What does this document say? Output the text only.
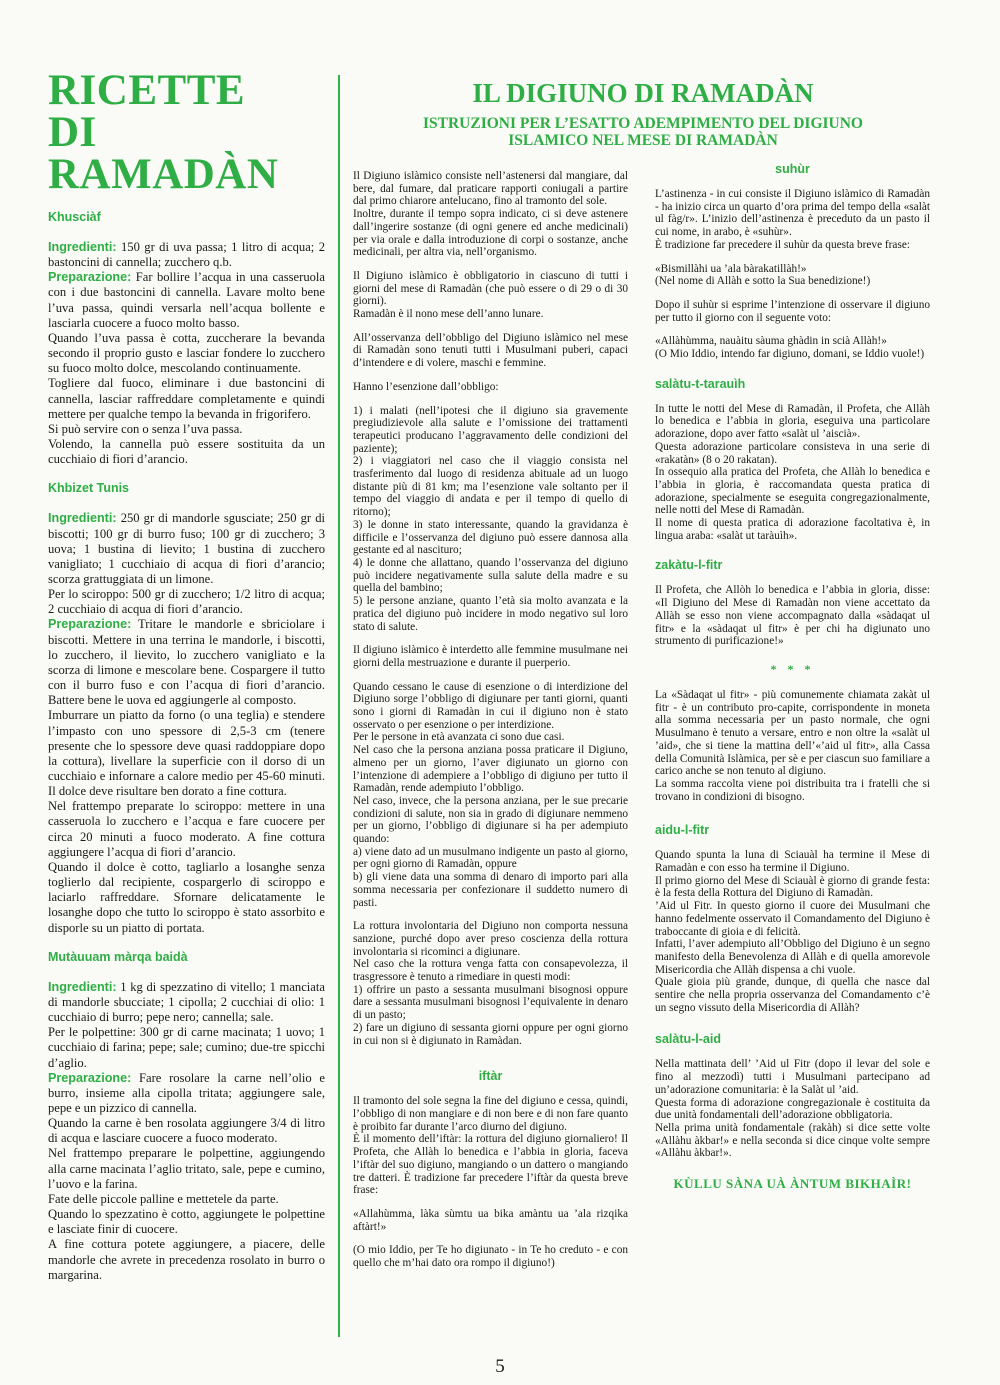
RICETTE
DI RAMADÀN
Khusciàf

Ingredienti: 150 gr di uva passa; 1 litro di acqua; 2 bastoncini di cannella; zucchero q.b.

Preparazione: Far bollire l’acqua in una casseruola con i due bastoncini di cannella. Lavare molto bene l’uva passa, quindi versarla nell’acqua bollente e lasciarla cuocere a fuoco molto basso.

Quando l’uva passa è cotta, zuccherare la bevanda secondo il proprio gusto e lasciar fondere lo zucchero su fuoco molto dolce, mescolando continuamente.

Togliere dal fuoco, eliminare i due bastoncini di cannella, lasciar raffreddare completamente e quindi mettere per qualche tempo la bevanda in frigorifero.

Si può servire con o senza l’uva passa.

Volendo, la cannella può essere sostituita da un cucchiaio di fiori d’arancio.

Khbizet Tunis

Ingredienti: 250 gr di mandorle sgusciate; 250 gr di biscotti; 100 gr di burro fuso; 100 gr di zucchero; 3 uova; 1 bustina di lievito; 1 bustina di zucchero vanigliato; 1 cucchiaio di acqua di fiori d’arancio; scorza grattuggiata di un limone.

Per lo sciroppo: 500 gr di zucchero; 1/2 litro di acqua; 2 cucchiaio di acqua di fiori d’arancio.

Preparazione: Tritare le mandorle e sbriciolare i biscotti. Mettere in una terrina le mandorle, i biscotti, lo zucchero, il lievito, lo zucchero vanigliato e la scorza di limone e mescolare bene. Cospargere il tutto con il burro fuso e con l’acqua di fiori d’arancio. Battere bene le uova ed aggiungerle al composto.

Imburrare un piatto da forno (o una teglia) e stendere l’impasto con uno spessore di 2,5-3 cm (tenere presente che lo spessore deve quasi raddoppiare dopo la cottura), livellare la superficie con il dorso di un cucchiaio e infornare a calore medio per 45-60 minuti. Il dolce deve risultare ben dorato a fine cottura.

Nel frattempo preparate lo sciroppo: mettere in una casseruola lo zucchero e l’acqua e fare cuocere per circa 20 minuti a fuoco moderato. A fine cottura aggiungere l’acqua di fiori d’arancio.

Quando il dolce è cotto, tagliarlo a losanghe senza toglierlo dal recipiente, cospargerlo di sciroppo e laciarlo raffreddare. Sfornare delicatamente le losanghe dopo che tutto lo sciroppo è stato assorbito e disporle su un piatto di portata.

Mutàuuam màrqa baidà

Ingredienti: 1 kg di spezzatino di vitello; 1 manciata di mandorle sbucciate; 1 cipolla; 2 cucchiai di olio: 1 cucchiaio di burro; pepe nero; cannella; sale.

Per le polpettine: 300 gr di carne macinata; 1 uovo; 1 cucchiaio di farina; pepe; sale; cumino; due-tre spicchi d’aglio.

Preparazione: Fare rosolare la carne nell’olio e burro, insieme alla cipolla tritata; aggiungere sale, pepe e un pizzico di cannella.

Quando la carne è ben rosolata aggiungere 3/4 di litro di acqua e lasciare cuocere a fuoco moderato.

Nel frattempo preparare le polpettine, aggiungendo alla carne macinata l’aglio tritato, sale, pepe e cumino, l’uovo e la farina.

Fate delle piccole palline e mettetele da parte.

Quando lo spezzatino è cotto, aggiungete le polpettine e lasciate finir di cuocere.

A fine cottura potete aggiungere, a piacere, delle mandorle che avrete in precedenza rosolato in burro o margarina.

IL DIGIUNO DI RAMADÀN
ISTRUZIONI PER L’ESATTO ADEMPIMENTO DEL DIGIUNO
ISLAMICO NEL MESE DI RAMADÀN

Il Digiuno islàmico consiste nell’astenersi dal mangiare, dal bere, dal fumare, dal praticare rapporti coniugali a partire dal primo chiarore antelucano, fino al tramonto del sole.

Inoltre, durante il tempo sopra indicato, ci si deve astenere dall’ingerire sostanze (di ogni genere ed anche medicinali) per via orale e dalla introduzione di corpi o sostanze, anche medicinali, per altra via, nell’organismo.

Il Digiuno islàmico è obbligatorio in ciascuno di tutti i giorni del mese di Ramadàn (che può essere o di 29 o di 30 giorni).

Ramadàn è il nono mese dell’anno lunare.

All’osservanza dell’obbligo del Digiuno islàmico nel mese di Ramadàn sono tenuti tutti i Musulmani puberi, capaci d’intendere e di volere, maschi e femmine.

Hanno l’esenzione dall’obbligo:

1) i malati (nell’ipotesi che il digiuno sia gravemente pregiudizievole alla salute e l’omissione dei trattamenti terapeutici producano l’aggravamento delle condizioni del paziente);

2) i viaggiatori nel caso che il viaggio consista nel trasferimento dal luogo di residenza abituale ad un luogo distante più di 81 km; ma l’esenzione vale soltanto per il tempo del viaggio di andata e per il tempo di quello di ritorno);

3) le donne in stato interessante, quando la gravidanza è difficile e l’osservanza del digiuno può essere dannosa alla gestante ed al nascituro;

4) le donne che allattano, quando l’osservanza del digiuno può incidere negativamente sulla salute della madre e su quella del bambino;

5) le persone anziane, quanto l’età sia molto avanzata e la pratica del digiuno può incidere in modo negativo sul loro stato di salute.

Il digiuno islàmico è interdetto alle femmine musulmane nei giorni della mestruazione e durante il puerperio.

Quando cessano le cause di esenzione o di interdizione del Digiuno sorge l’obbligo di digiunare per tanti giorni, quanti sono i giorni di Ramadàn in cui il digiuno non è stato osservato o per esenzione o per interdizione.

Per le persone in età avanzata ci sono due casi.

Nel caso che la persona anziana possa praticare il Digiuno, almeno per un giorno, l’aver digiunato un giorno con l’intenzione di adempiere a l’obbligo di digiuno per tutto il Ramadàn, rende adempiuto l’obbligo.

Nel caso, invece, che la persona anziana, per le sue precarie condizioni di salute, non sia in grado di digiunare nemmeno per un giorno, l’obbligo di digiunare si ha per adempiuto quando:

a) viene dato ad un musulmano indigente un pasto al giorno, per ogni giorno di Ramadàn, oppure

b) gli viene data una somma di denaro di importo pari alla somma necessaria per confezionare il suddetto numero di pasti.

La rottura involontaria del Digiuno non comporta nessuna sanzione, purché dopo aver preso coscienza della rottura involontaria si ricominci a digiunare.

Nel caso che la rottura venga fatta con consapevolezza, il trasgressore è tenuto a rimediare in questi modi:

1) offrire un pasto a sessanta musulmani bisognosi oppure dare a sessanta musulmani bisognosi l’equivalente in denaro di un pasto;

2) fare un digiuno di sessanta giorni oppure per ogni giorno in cui non si è digiunato in Ramàdan.

iftàr

Il tramonto del sole segna la fine del digiuno e cessa, quindi, l’obbligo di non mangiare e di non bere e di non fare quanto è proibito far durante l’arco diurno del digiuno.

È il momento dell’iftàr: la rottura del digiuno giornaliero! Il Profeta, che Allàh lo benedica e l’abbia in gloria, faceva l’iftàr del suo digiuno, mangiando o un dattero o mangiando tre datteri. È tradizione far precedere l’iftàr da questa breve frase:

«Allahùmma, làka sùmtu ua bika amàntu ua ’ala rizqika aftàrt!»

(O mio Iddio, per Te ho digiunato - in Te ho creduto - e con quello che m’hai dato ora rompo il digiuno!)

suhùr

L’astinenza - in cui consiste il Digiuno islàmico di Ramadàn - ha inizio circa un quarto d’ora prima del tempo della «salàt ul fàg/r». L’inizio dell’astinenza è preceduto da un pasto il cui nome, in arabo, è «suhùr».

È tradizione far precedere il suhùr da questa breve frase:

«Bismillàhi ua ’ala bàrakatillàh!»

(Nel nome di Allàh e sotto la Sua benedizione!)

Dopo il suhùr si esprime l’intenzione di osservare il digiuno per tutto il giorno con il seguente voto:

«Allàhùmma, nauàitu sàuma ghàdin in scià Allàh!»

(O Mio Iddio, intendo far digiuno, domani, se Iddio vuole!)

salàtu-t-tarauìh

In tutte le notti del Mese di Ramadàn, il Profeta, che Allàh lo benedica e l’abbia in gloria, eseguiva una particolare adorazione, dopo aver fatto «salàt ul ’aiscià».

Questa adorazione particolare consisteva in una serie di «rakatàn» (8 o 20 rakatan).

In ossequio alla pratica del Profeta, che Allàh lo benedica e l’abbia in gloria, è raccomandata questa pratica di adorazione, specialmente se eseguita congregazionalmente, nelle notti del Mese di Ramadàn.

Il nome di questa pratica di adorazione facoltativa è, in lingua araba: «salàt ut taràuìh».

zakàtu-l-fitr

Il Profeta, che Allòh lo benedica e l’abbia in gloria, disse: «Il Digiuno del Mese di Ramadàn non viene accettato da Allàh se esso non viene accompagnato dalla «sàdaqat ul fitr» e la «sàdaqat ul fitr» è per chi ha digiunato uno strumento di purificazione!»

* * *

La «Sàdaqat ul fitr» - più comunemente chiamata zakàt ul fitr - è un contributo pro-capite, corrispondente in moneta alla somma necessaria per un pasto normale, che ogni Musulmano è tenuto a versare, entro e non oltre la «salàt ul ’aid», che si tiene la mattina dell’«’aid ul fitr», alla Cassa della Comunità Islàmica, per sè e per ciascun suo familiare a carico anche se non tenuto al digiuno.

La somma raccolta viene poi distribuita tra i fratelli che si trovano in condizioni di bisogno.

aidu-l-fitr

Quando spunta la luna di Sciauàl ha termine il Mese di Ramadàn e con esso ha termine il Digiuno.

Il primo giorno del Mese di Sciauàl è giorno di grande festa: è la festa della Rottura del Digiuno di Ramadàn.

’Aid ul Fitr. In questo giorno il cuore dei Musulmani che hanno fedelmente osservato il Comandamento del Digiuno è traboccante di gioia e di felicità.

Infatti, l’aver adempiuto all’Obbligo del Digiuno è un segno manifesto della Benevolenza di Allàh e di quella amorevole Misericordia che Allàh dispensa a chi vuole.

Quale gioia più grande, dunque, di quella che nasce dal sentire che nella propria osservanza del Comandamento c’è un segno vissuto della Misericordia di Allàh?

salàtu-l-aid

Nella mattinata dell’ ’Aid ul Fitr (dopo il levar del sole e fino al mezzodì) tutti i Musulmani partecipano ad un’adorazione comunitaria: è la Salàt ul ’aid.

Questa forma di adorazione congregazionale è costituita da due unità fondamentali dell’adorazione obbligatoria.

Nella prima unità fondamentale (rakàh) si dice sette volte «Allàhu àkbar!» e nella seconda si dice cinque volte sempre «Allàhu àkbar!».

KÙLLU SÀNA UÀ ÀNTUM BIKHAÌR!
5
